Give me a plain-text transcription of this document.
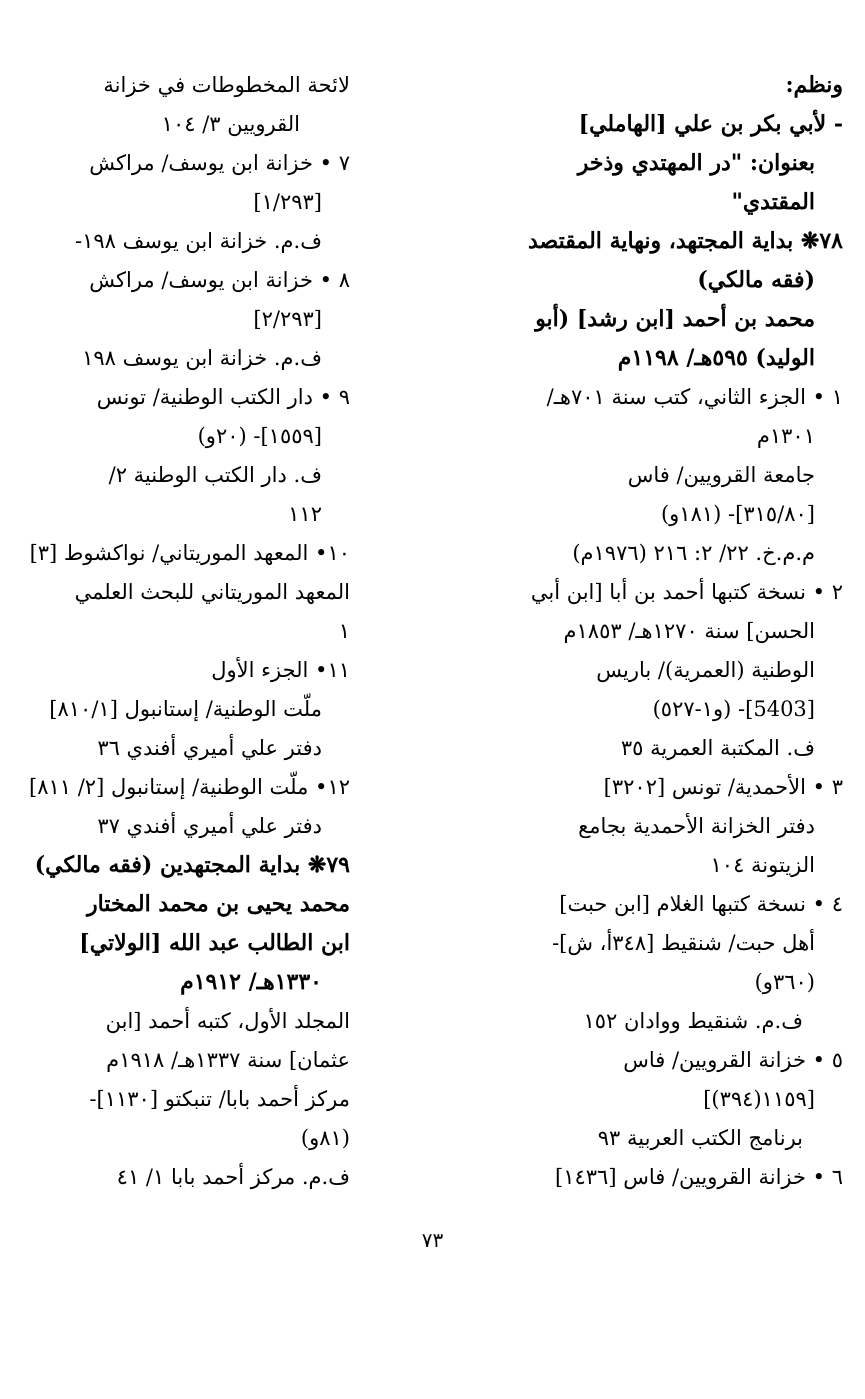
ونظم:
- لأبي بكر بن علي [الهاملي]
بعنوان: "در المهتدي وذخر
المقتدي"
٧٨❋ بداية المجتهد، ونهاية المقتصد
(فقه مالكي)
محمد بن أحمد [ابن رشد] (أبو
الوليد) ٥٩٥هـ/ ١١٩٨م
١ • الجزء الثاني، كتب سنة ٧٠١هـ/
١٣٠١م
جامعة القرويين/ فاس
[٣١٥/٨٠]- (١٨١و)
م.م.خ. ٢٢/ ٢: ٢١٦ (١٩٧٦م)
٢ • نسخة كتبها أحمد بن أبا [ابن أبي
الحسن] سنة ١٢٧٠هـ/ ١٨٥٣م
الوطنية (العمرية)/ باريس
[5403]- (و١-٥٢٧)
ف. المكتبة العمرية ٣٥
٣ • الأحمدية/ تونس [٣٢٠٢]
دفتر الخزانة الأحمدية بجامع
الزيتونة ١٠٤
٤ • نسخة كتبها الغلام [ابن حبت]
أهل حبت/ شنقيط [٣٤٨أ، ش]-
(٣٦٠و)
ف.م. شنقيط ووادان ١٥٢
٥ • خزانة القرويين/ فاس
[١١٥٩(٣٩٤)]
برنامج الكتب العربية ٩٣
٦ • خزانة القرويين/ فاس [١٤٣٦]
لائحة المخطوطات في خزانة
القرويين ٣/ ١٠٤
٧ • خزانة ابن يوسف/ مراكش
[١/٢٩٣]
ف.م. خزانة ابن يوسف ١٩٨-
٨ • خزانة ابن يوسف/ مراكش
[٢/٢٩٣]
ف.م. خزانة ابن يوسف ١٩٨
٩ • دار الكتب الوطنية/ تونس
[١٥٥٩]- (٢٠و)
ف. دار الكتب الوطنية ٢/
١١٢
١٠• المعهد الموريتاني/ نواكشوط [٣]
المعهد الموريتاني للبحث العلمي
١
١١• الجزء الأول
ملّت الوطنية/ إستانبول [٨١٠/١]
دفتر علي أميري أفندي ٣٦
١٢• ملّت الوطنية/ إستانبول [٢/ ٨١١]
دفتر علي أميري أفندي ٣٧
٧٩❋ بداية المجتهدين (فقه مالكي)
محمد يحيى بن محمد المختار
ابن الطالب عبد الله [الولاتي]
١٣٣٠هـ/ ١٩١٢م
المجلد الأول، كتبه أحمد [ابن
عثمان] سنة ١٣٣٧هـ/ ١٩١٨م
مركز أحمد بابا/ تنبكتو [١١٣٠]-
(٨١و)
ف.م. مركز أحمد بابا ١/ ٤١
٧٣
